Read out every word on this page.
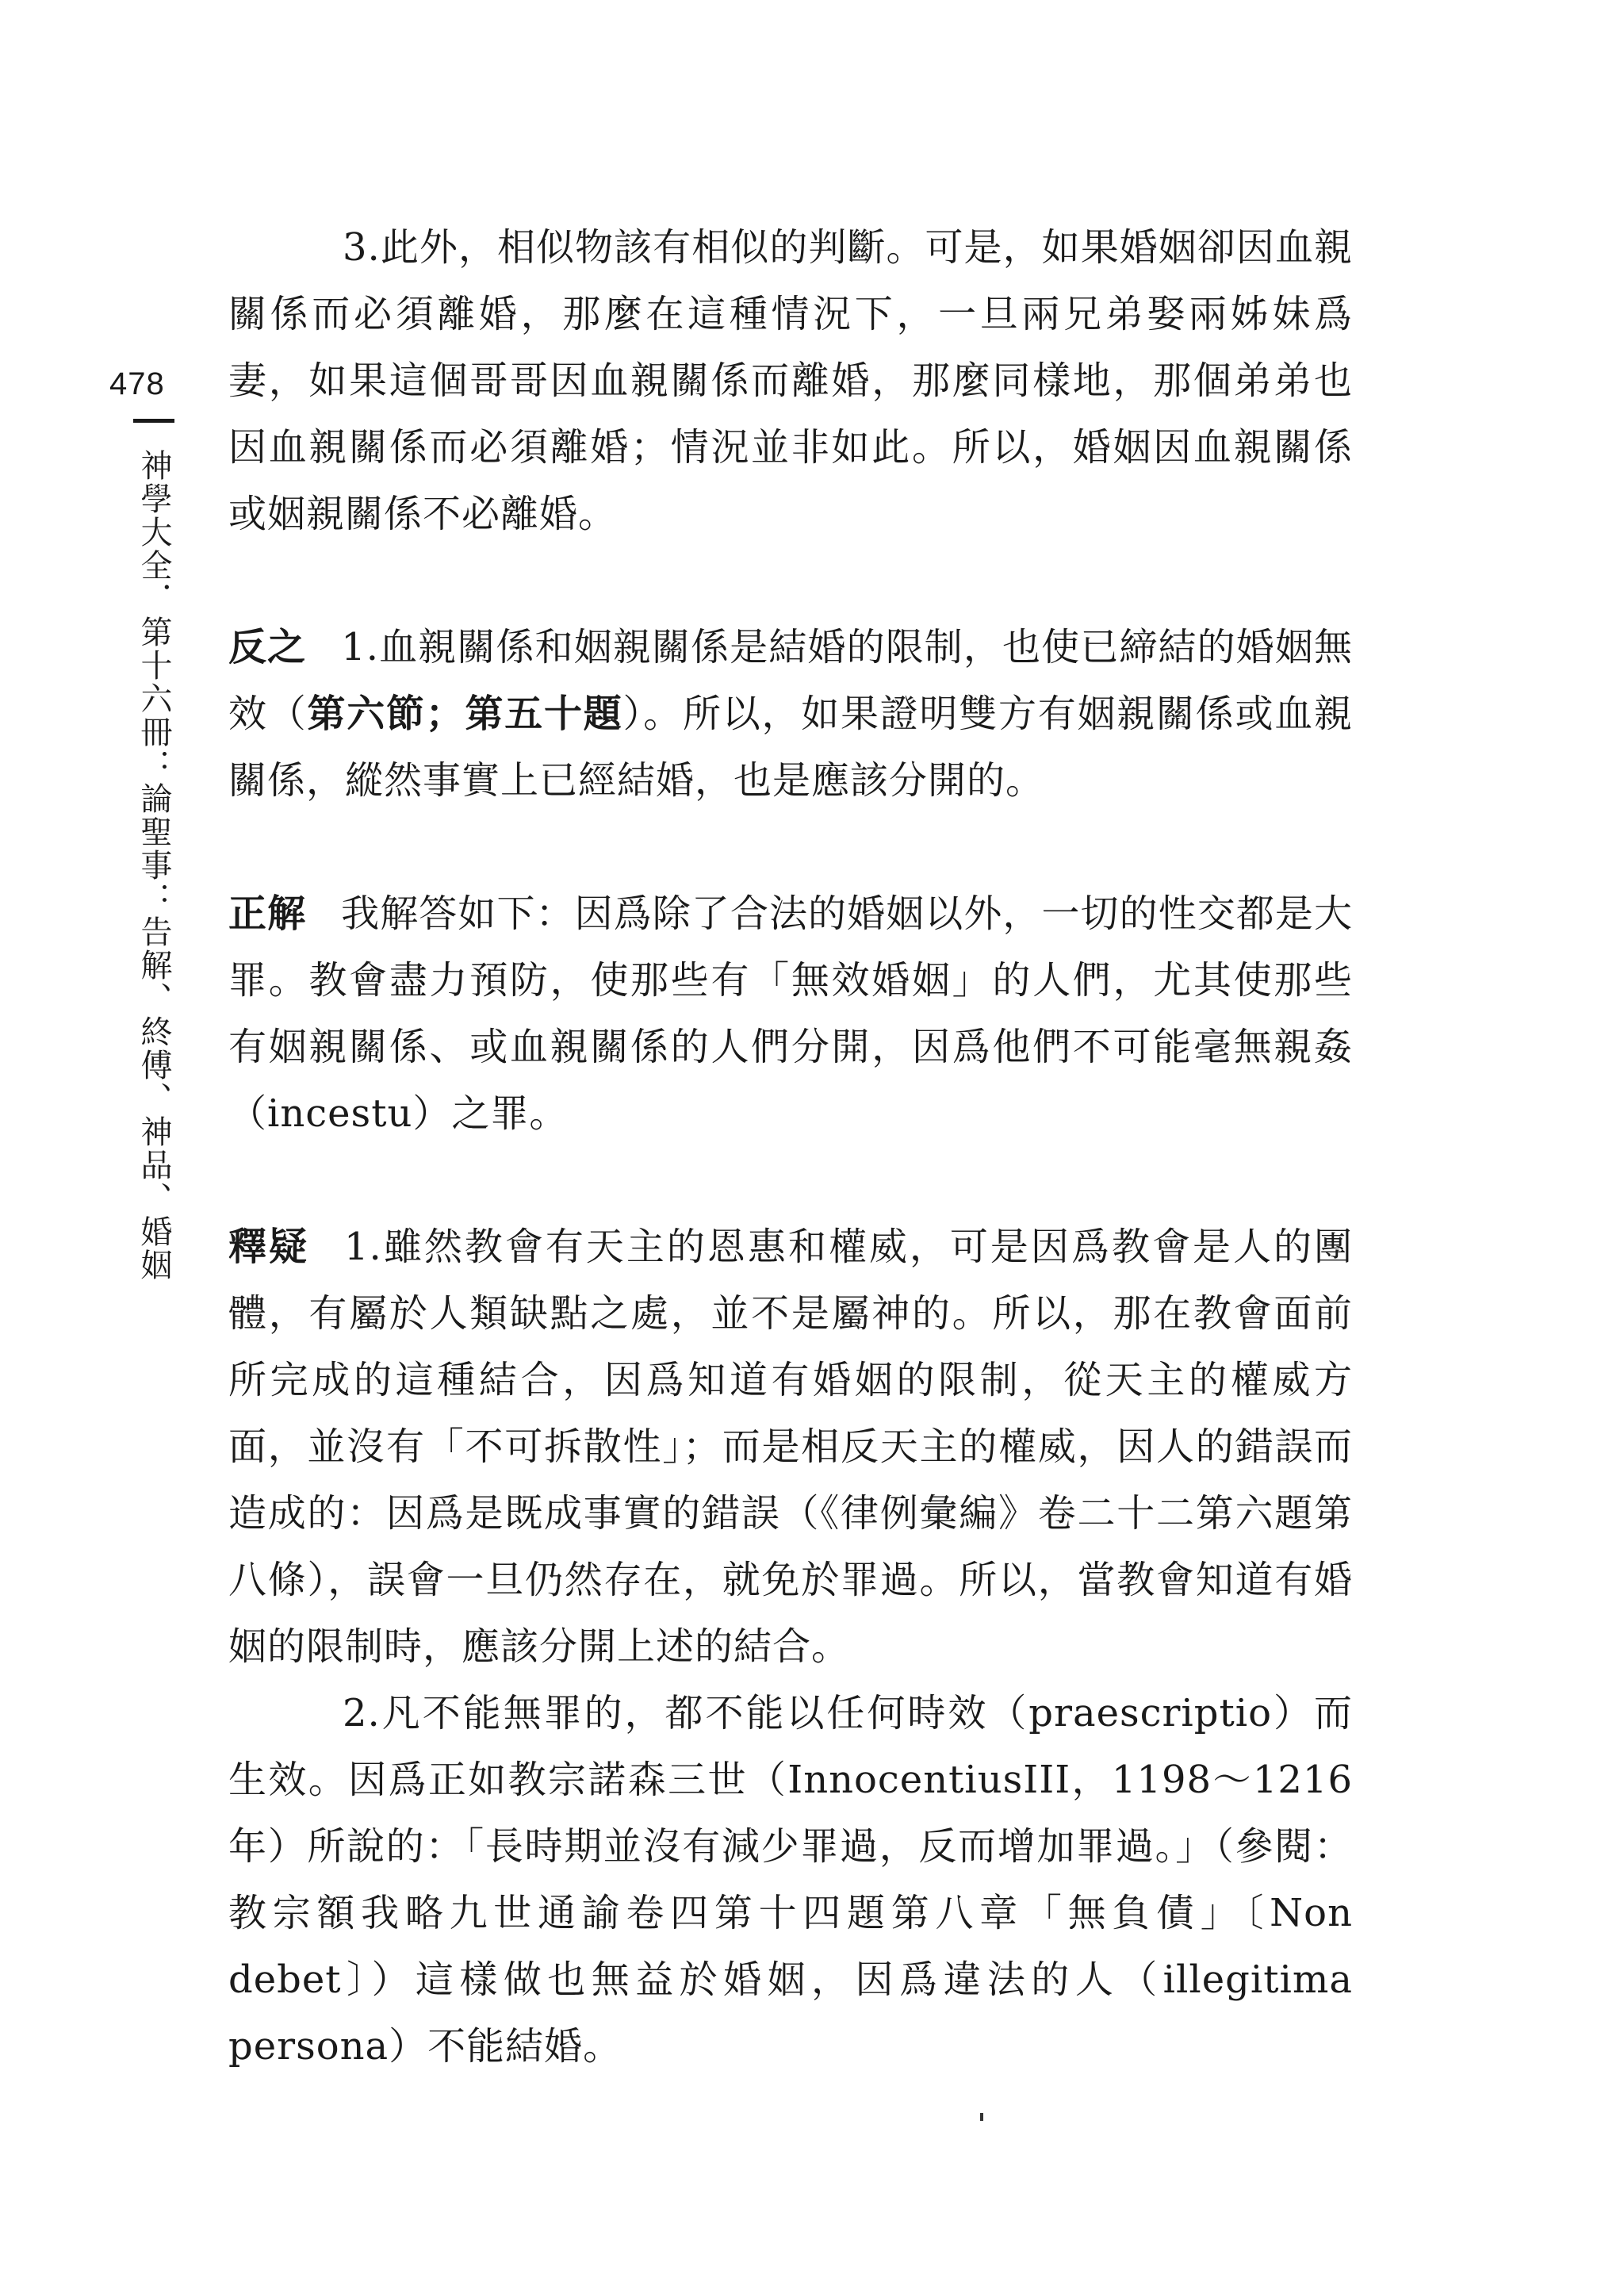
478
神學大全．第十六冊：論聖事：告解、終傅、神品、婚姻

3.此外，相似物該有相似的判斷。可是，如果婚姻卻因血親關係而必須離婚，那麼在這種情況下，一旦兩兄弟娶兩姊妹爲妻，如果這個哥哥因血親關係而離婚，那麼同樣地，那個弟弟也因血親關係而必須離婚；情況並非如此。所以，婚姻因血親關係或姻親關係不必離婚。

反之 1.血親關係和姻親關係是結婚的限制，也使已締結的婚姻無效（第六節；第五十題）。所以，如果證明雙方有姻親關係或血親關係，縱然事實上已經結婚，也是應該分開的。

正解 我解答如下：因爲除了合法的婚姻以外，一切的性交都是大罪。教會盡力預防，使那些有「無效婚姻」的人們，尤其使那些有姻親關係、或血親關係的人們分開，因爲他們不可能毫無親姦（incestu）之罪。

釋疑 1.雖然教會有天主的恩惠和權威，可是因爲教會是人的團體，有屬於人類缺點之處，並不是屬神的。所以，那在教會面前所完成的這種結合，因爲知道有婚姻的限制，從天主的權威方面，並沒有「不可拆散性」；而是相反天主的權威，因人的錯誤而造成的：因爲是既成事實的錯誤（《律例彙編》卷二十二第六題第八條），誤會一旦仍然存在，就免於罪過。所以，當教會知道有婚姻的限制時，應該分開上述的結合。

2.凡不能無罪的，都不能以任何時效（praescriptio）而生效。因爲正如教宗諾森三世（InnocentiusIII，1198～1216年）所說的：「長時期並沒有減少罪過，反而增加罪過。」（參閱：教宗額我略九世通諭卷四第十四題第八章「無負債」〔Non debet〕）這樣做也無益於婚姻，因爲違法的人（illegitima persona）不能結婚。
